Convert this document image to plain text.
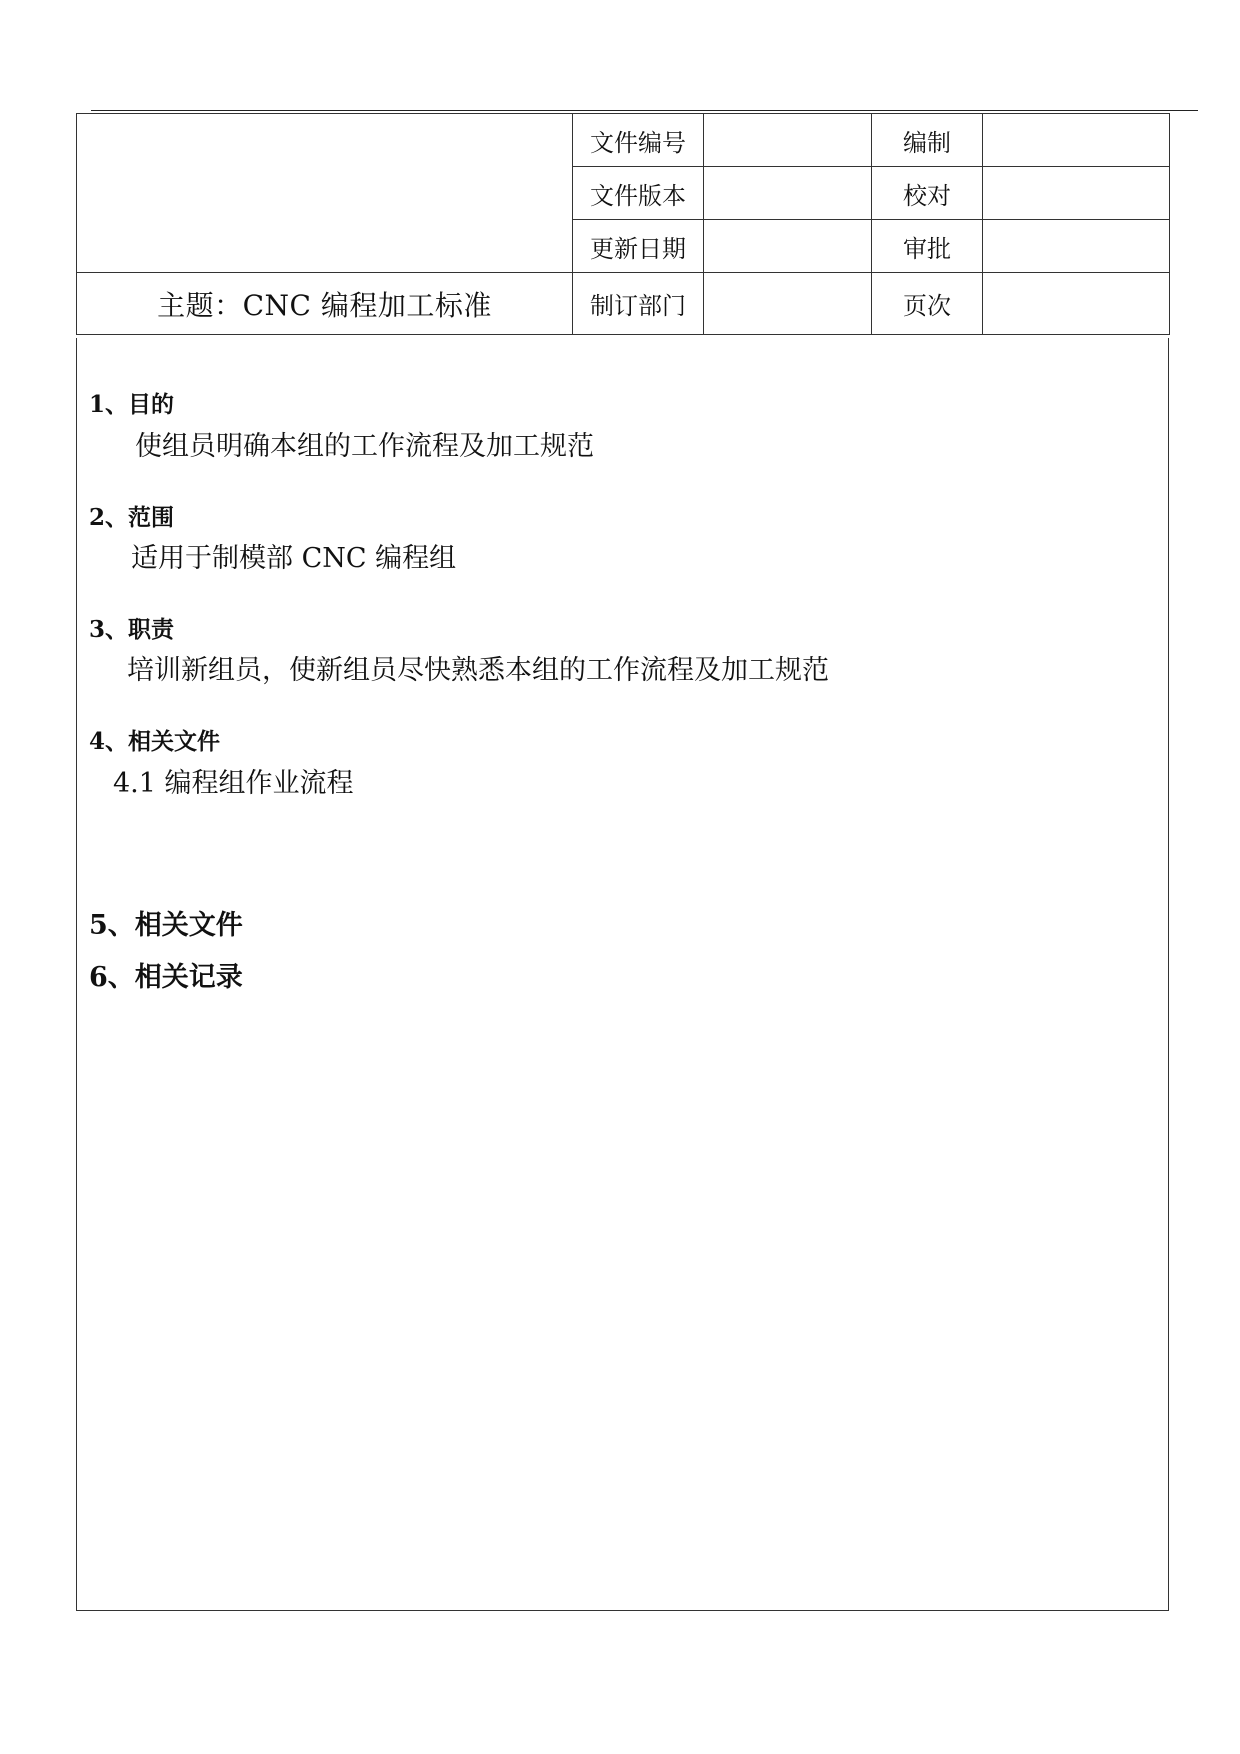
	文件编号		编制	
	文件版本		校对	
	更新日期		审批	
主题：CNC 编程加工标准	制订部门		页次	
1、目的

使组员明确本组的工作流程及加工规范

2、范围

适用于制模部 CNC 编程组

3、职责

培训新组员，使新组员尽快熟悉本组的工作流程及加工规范

4、相关文件

4.1 编程组作业流程

5、相关文件
6、相关记录
